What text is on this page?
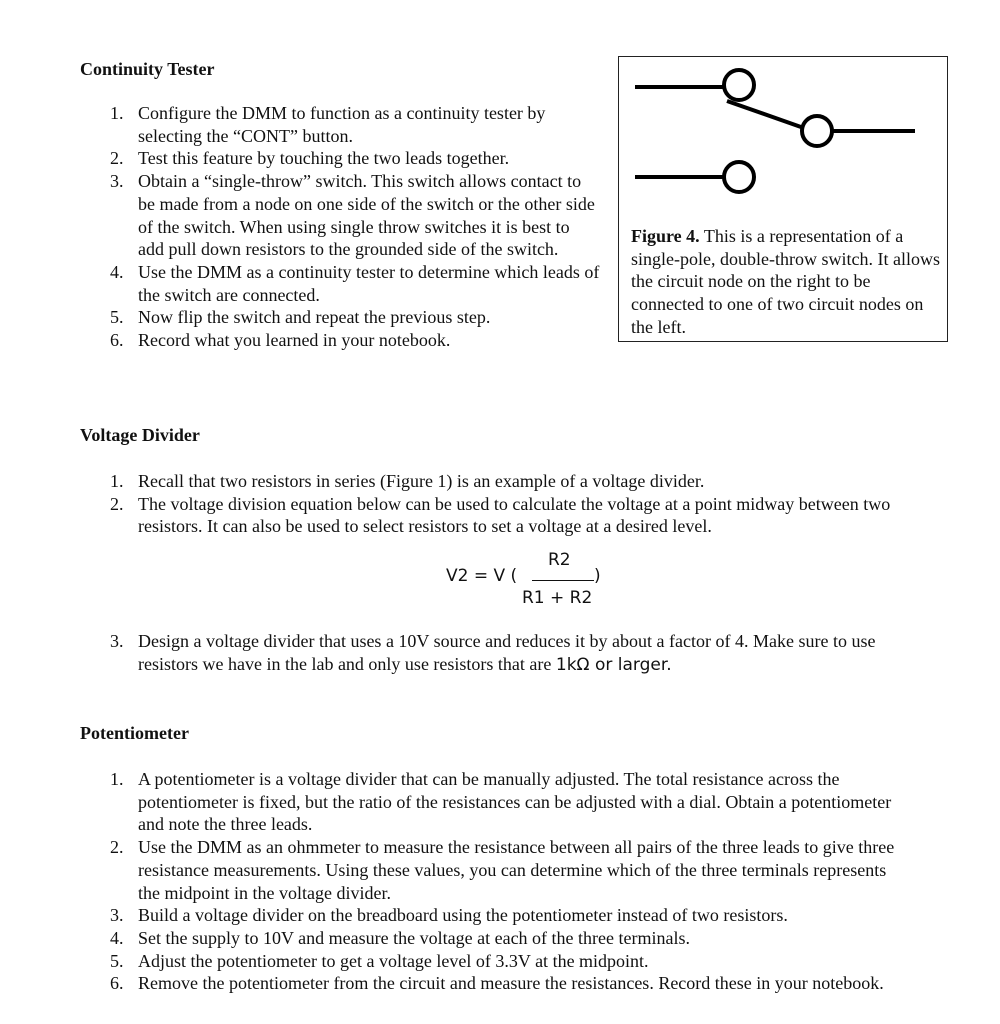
Continuity Tester
1. Configure the DMM to function as a continuity tester by selecting the “CONT” button.
2. Test this feature by touching the two leads together.
3. Obtain a “single-throw” switch. This switch allows contact to be made from a node on one side of the switch or the other side of the switch. When using single throw switches it is best to add pull down resistors to the grounded side of the switch.
4. Use the DMM as a continuity tester to determine which leads of the switch are connected.
5. Now flip the switch and repeat the previous step.
6. Record what you learned in your notebook.
Figure 4. This is a representation of a single-pole, double-throw switch. It allows the circuit node on the right to be connected to one of two circuit nodes on the left.
Voltage Divider
1. Recall that two resistors in series (Figure 1) is an example of a voltage divider.
2. The voltage division equation below can be used to calculate the voltage at a point midway between two resistors. It can also be used to select resistors to set a voltage at a desired level.
V2 = V (
R2
R1 + R2
)
3. Design a voltage divider that uses a 10V source and reduces it by about a factor of 4. Make sure to use resistors we have in the lab and only use resistors that are 1kΩ or larger.
Potentiometer
1. A potentiometer is a voltage divider that can be manually adjusted. The total resistance across the potentiometer is fixed, but the ratio of the resistances can be adjusted with a dial. Obtain a potentiometer and note the three leads.
2. Use the DMM as an ohmmeter to measure the resistance between all pairs of the three leads to give three resistance measurements. Using these values, you can determine which of the three terminals represents the midpoint in the voltage divider.
3. Build a voltage divider on the breadboard using the potentiometer instead of two resistors.
4. Set the supply to 10V and measure the voltage at each of the three terminals.
5. Adjust the potentiometer to get a voltage level of 3.3V at the midpoint.
6. Remove the potentiometer from the circuit and measure the resistances. Record these in your notebook.
